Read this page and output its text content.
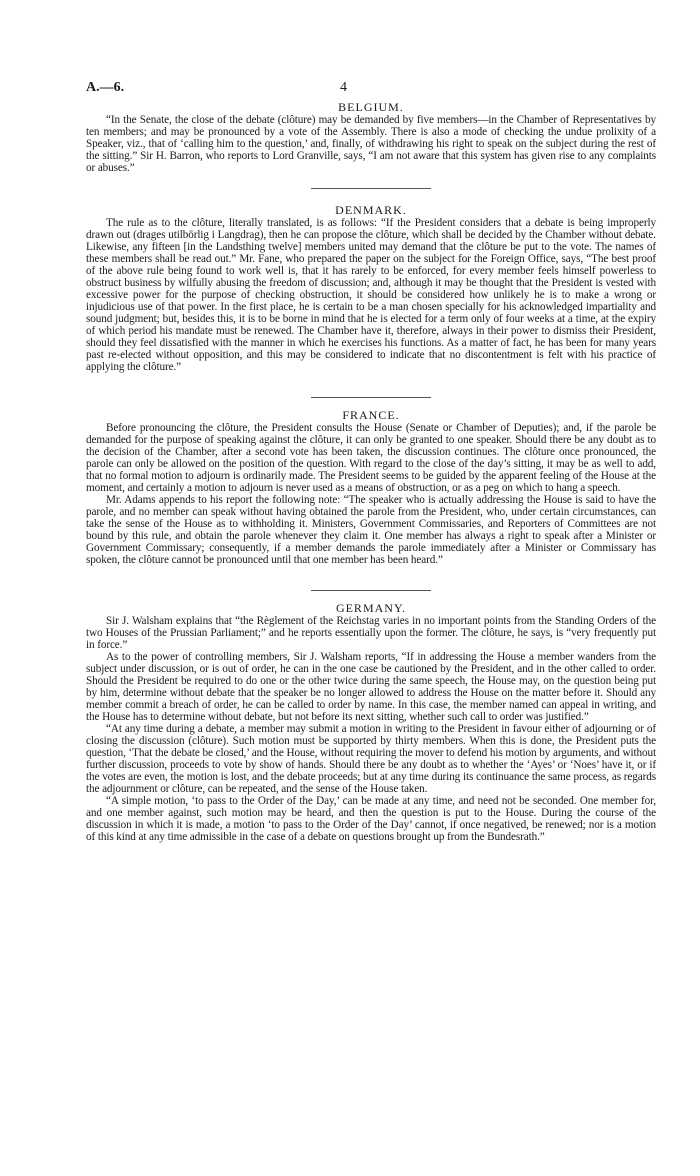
A.—6.	4
BELGIUM.

“In the Senate, the close of the debate (clôture) may be demanded by five members—in the Chamber of Representatives by ten members; and may be pronounced by a vote of the Assembly. There is also a mode of checking the undue prolixity of a Speaker, viz., that of ‘calling him to the question,’ and, finally, of withdrawing his right to speak on the subject during the rest of the sitting.” Sir H. Barron, who reports to Lord Granville, says, “I am not aware that this system has given rise to any complaints or abuses.”

DENMARK.

The rule as to the clôture, literally translated, is as follows: “If the President considers that a debate is being improperly drawn out (drages utilbörlig i Langdrag), then he can propose the clôture, which shall be decided by the Chamber without debate. Likewise, any fifteen [in the Landsthing twelve] members united may demand that the clôture be put to the vote. The names of these members shall be read out.” Mr. Fane, who prepared the paper on the subject for the Foreign Office, says, “The best proof of the above rule being found to work well is, that it has rarely to be enforced, for every member feels himself powerless to obstruct business by wilfully abusing the freedom of discussion; and, although it may be thought that the President is vested with excessive power for the purpose of checking obstruction, it should be considered how unlikely he is to make a wrong or injudicious use of that power. In the first place, he is certain to be a man chosen specially for his acknowledged impartiality and sound judgment; but, besides this, it is to be borne in mind that he is elected for a term only of four weeks at a time, at the expiry of which period his mandate must be renewed. The Chamber have it, therefore, always in their power to dismiss their President, should they feel dissatisfied with the manner in which he exercises his functions. As a matter of fact, he has been for many years past re-elected without opposition, and this may be considered to indicate that no discontentment is felt with his practice of applying the clôture.”

FRANCE.

Before pronouncing the clôture, the President consults the House (Senate or Chamber of Deputies); and, if the parole be demanded for the purpose of speaking against the clôture, it can only be granted to one speaker. Should there be any doubt as to the decision of the Chamber, after a second vote has been taken, the discussion continues. The clôture once pronounced, the parole can only be allowed on the position of the question. With regard to the close of the day’s sitting, it may be as well to add, that no formal motion to adjourn is ordinarily made. The President seems to be guided by the apparent feeling of the House at the moment, and certainly a motion to adjourn is never used as a means of obstruction, or as a peg on which to hang a speech.

Mr. Adams appends to his report the following note: “The speaker who is actually addressing the House is said to have the parole, and no member can speak without having obtained the parole from the President, who, under certain circumstances, can take the sense of the House as to withholding it. Ministers, Government Commissaries, and Reporters of Committees are not bound by this rule, and obtain the parole whenever they claim it. One member has always a right to speak after a Minister or Government Commissary; consequently, if a member demands the parole immediately after a Minister or Commissary has spoken, the clôture cannot be pronounced until that one member has been heard.”

GERMANY.

Sir J. Walsham explains that “the Règlement of the Reichstag varies in no important points from the Standing Orders of the two Houses of the Prussian Parliament;” and he reports essentially upon the former. The clôture, he says, is “very frequently put in force.”

As to the power of controlling members, Sir J. Walsham reports, “If in addressing the House a member wanders from the subject under discussion, or is out of order, he can in the one case be cautioned by the President, and in the other called to order. Should the President be required to do one or the other twice during the same speech, the House may, on the question being put by him, determine without debate that the speaker be no longer allowed to address the House on the matter before it. Should any member commit a breach of order, he can be called to order by name. In this case, the member named can appeal in writing, and the House has to determine without debate, but not before its next sitting, whether such call to order was justified.”

“At any time during a debate, a member may submit a motion in writing to the President in favour either of adjourning or of closing the discussion (clôture). Such motion must be supported by thirty members. When this is done, the President puts the question, ‘That the debate be closed,’ and the House, without requiring the mover to defend his motion by arguments, and without further discussion, proceeds to vote by show of hands. Should there be any doubt as to whether the ‘Ayes’ or ‘Noes’ have it, or if the votes are even, the motion is lost, and the debate proceeds; but at any time during its continuance the same process, as regards the adjournment or clôture, can be repeated, and the sense of the House taken.

“A simple motion, ‘to pass to the Order of the Day,’ can be made at any time, and need not be seconded. One member for, and one member against, such motion may be heard, and then the question is put to the House. During the course of the discussion in which it is made, a motion ‘to pass to the Order of the Day’ cannot, if once negatived, be renewed; nor is a motion of this kind at any time admissible in the case of a debate on questions brought up from the Bundesrath.”
